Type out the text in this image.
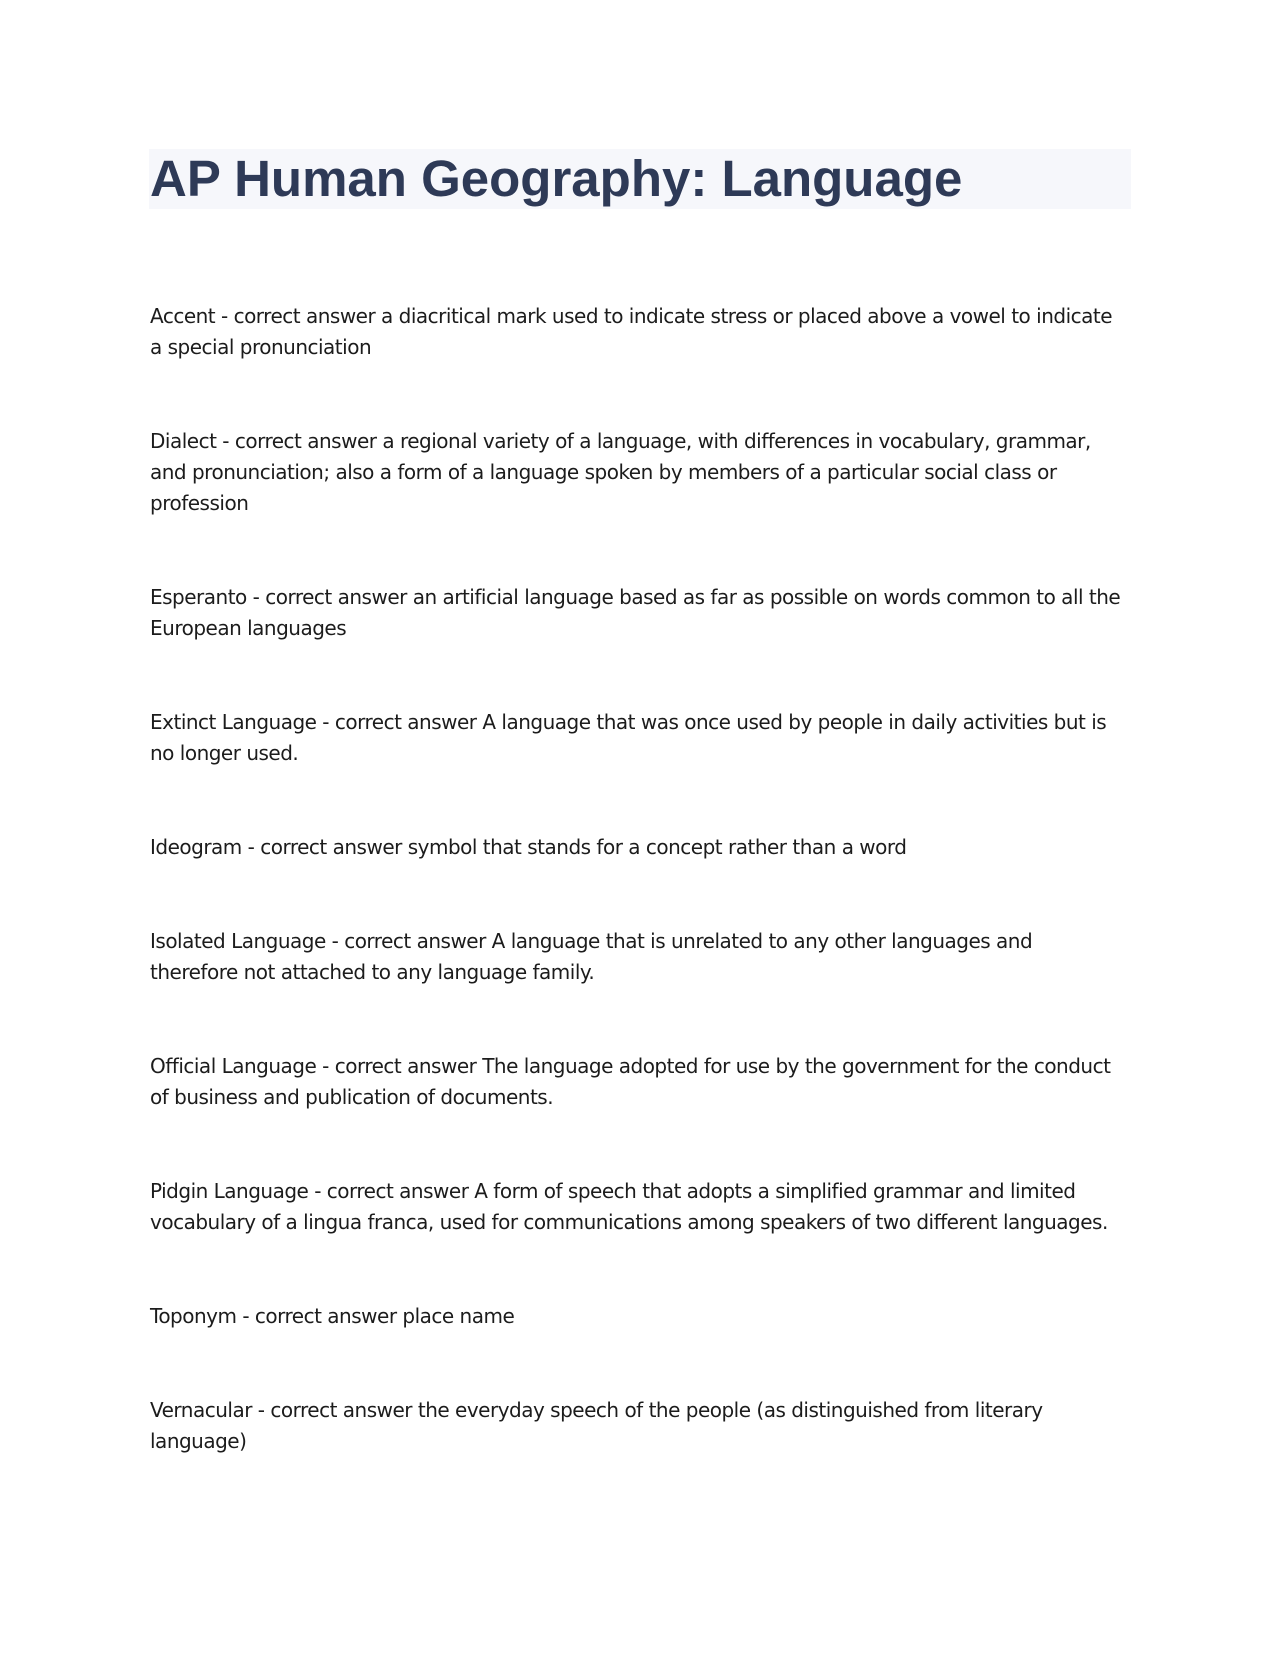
AP Human Geography: Language
Accent - correct answer a diacritical mark used to indicate stress or placed above a vowel to indicate a special pronunciation
Dialect - correct answer a regional variety of a language, with differences in vocabulary, grammar, and pronunciation; also a form of a language spoken by members of a particular social class or profession
Esperanto - correct answer an artificial language based as far as possible on words common to all the European languages
Extinct Language - correct answer A language that was once used by people in daily activities but is no longer used.
Ideogram - correct answer symbol that stands for a concept rather than a word
Isolated Language - correct answer A language that is unrelated to any other languages and therefore not attached to any language family.
Official Language - correct answer The language adopted for use by the government for the conduct of business and publication of documents.
Pidgin Language - correct answer A form of speech that adopts a simplified grammar and limited vocabulary of a lingua franca, used for communications among speakers of two different languages.
Toponym - correct answer place name
Vernacular - correct answer the everyday speech of the people (as distinguished from literary language)
